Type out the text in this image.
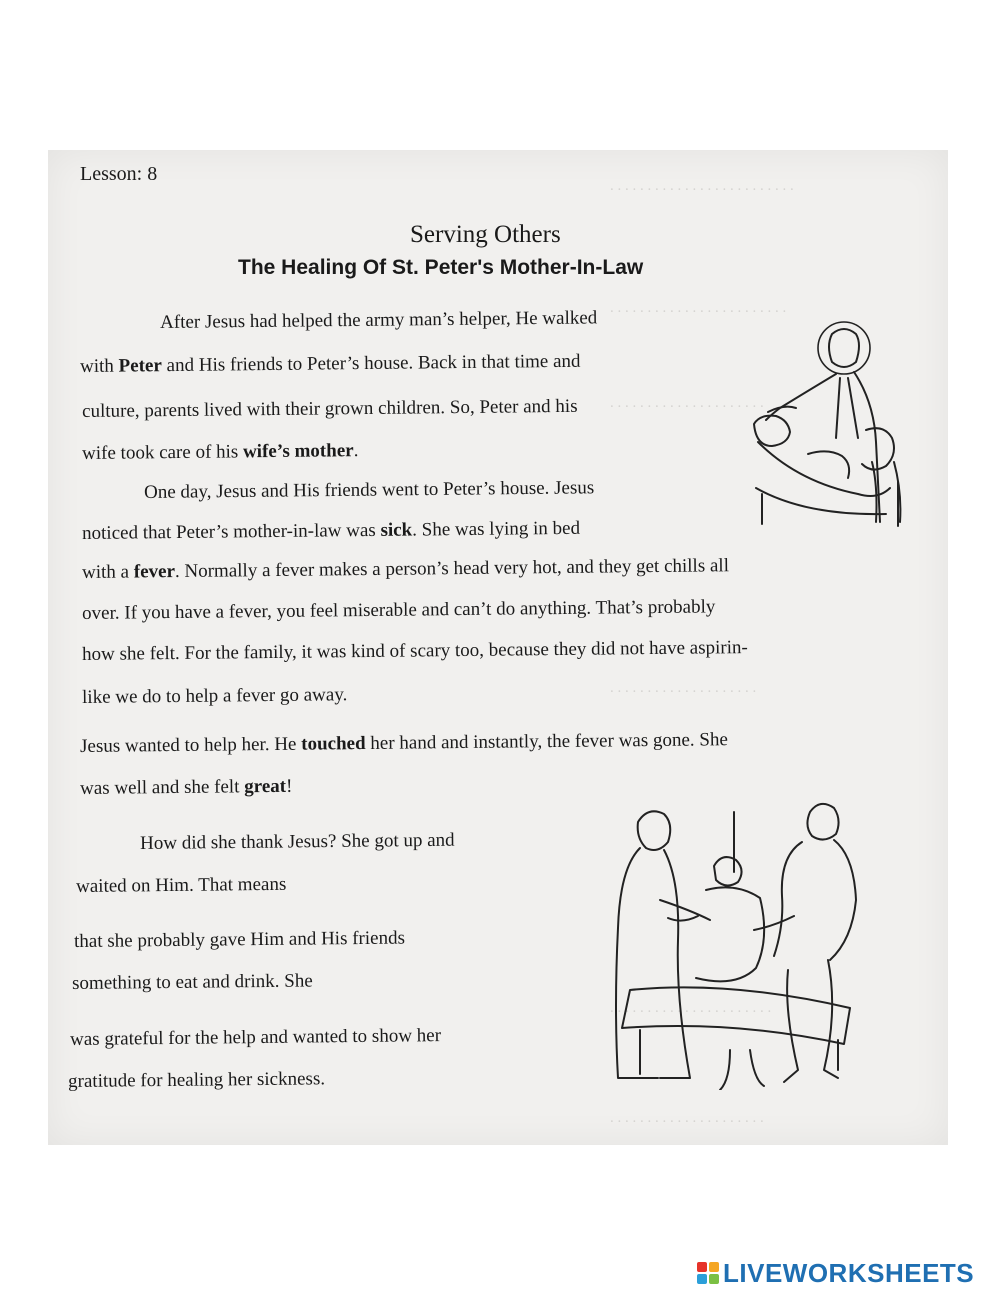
. . . . . . . . . . . . . . . . . . . . . . . . .
. . . . . . . . . . . . . . . . . . . . . . . .
. . . . . . . . . . . . . . . . . . . . .
. . . . . . . . . . . . . . . . . . . .
. . . . . . . . . . . . . . . . . . . . . .
. . . . . . . . . . . . . . . . . . . . .
Lesson: 8
Serving Others
The Healing Of St. Peter's Mother-In-Law
After Jesus had helped the army man’s helper, He walked
with Peter and His friends to Peter’s house. Back in that time and
culture, parents lived with their grown children. So, Peter and his
wife took care of his wife’s mother.
One day, Jesus and His friends went to Peter’s house. Jesus
noticed that Peter’s mother-in-law was sick. She was lying in bed
with a fever. Normally a fever makes a person’s head very hot, and they get chills all
over. If you have a fever, you feel miserable and can’t do anything. That’s probably
how she felt. For the family, it was kind of scary too, because they did not have aspirin-
like we do to help a fever go away.
Jesus wanted to help her. He touched her hand and instantly, the fever was gone. She
was well and she felt great!
How did she thank Jesus? She got up and
waited on Him. That means
that she probably gave Him and His friends
something to eat and drink. She
was grateful for the help and wanted to show her
gratitude for healing her sickness.
LIVEWORKSHEETS
